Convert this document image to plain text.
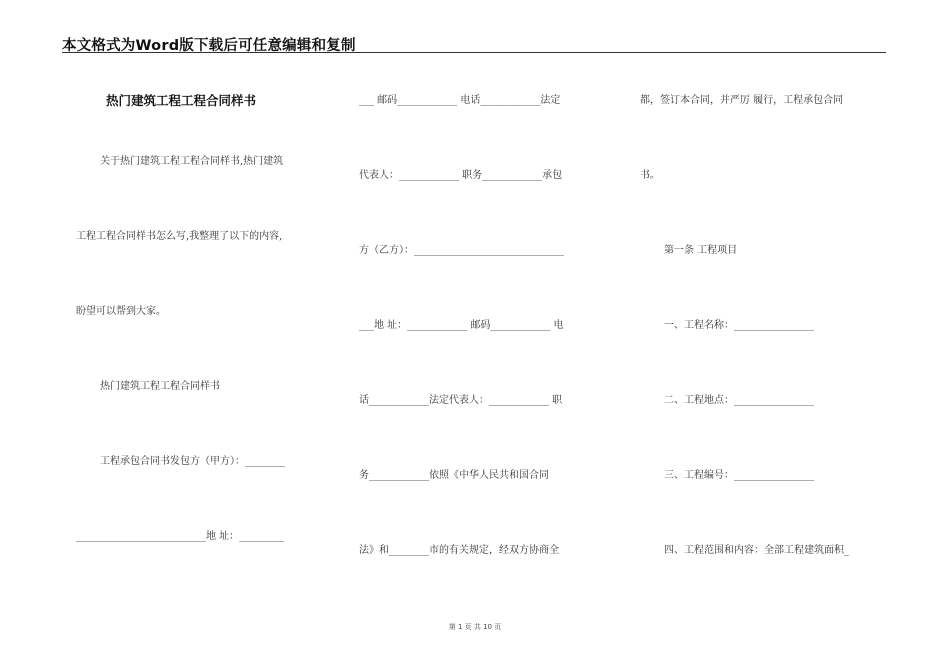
本文格式为Word版下载后可任意编辑和复制
热门建筑工程工程合同样书
关于热门建筑工程工程合同样书,热门建筑
工程工程合同样书怎么写,我整理了以下的内容,
盼望可以帮到大家。
热门建筑工程工程合同样书
工程承包合同书发包方（甲方）：________
__________________________地 址：_________
___ 邮码____________ 电话____________法定
代表人：____________ 职务____________承包
方（乙方）：______________________________
___地 址：____________ 邮码____________ 电
话____________法定代表人：____________ 职
务____________依照《中华人民共和国合同
法》和________市的有关规定，经双方协商全
都，签订本合同，并严厉 履行，工程承包合同
书。
第一条 工程项目
一、工程名称：________________
二、工程地点：________________
三、工程编号：________________
四、工程范围和内容：全部工程建筑面积_
第 1 页 共 10 页
